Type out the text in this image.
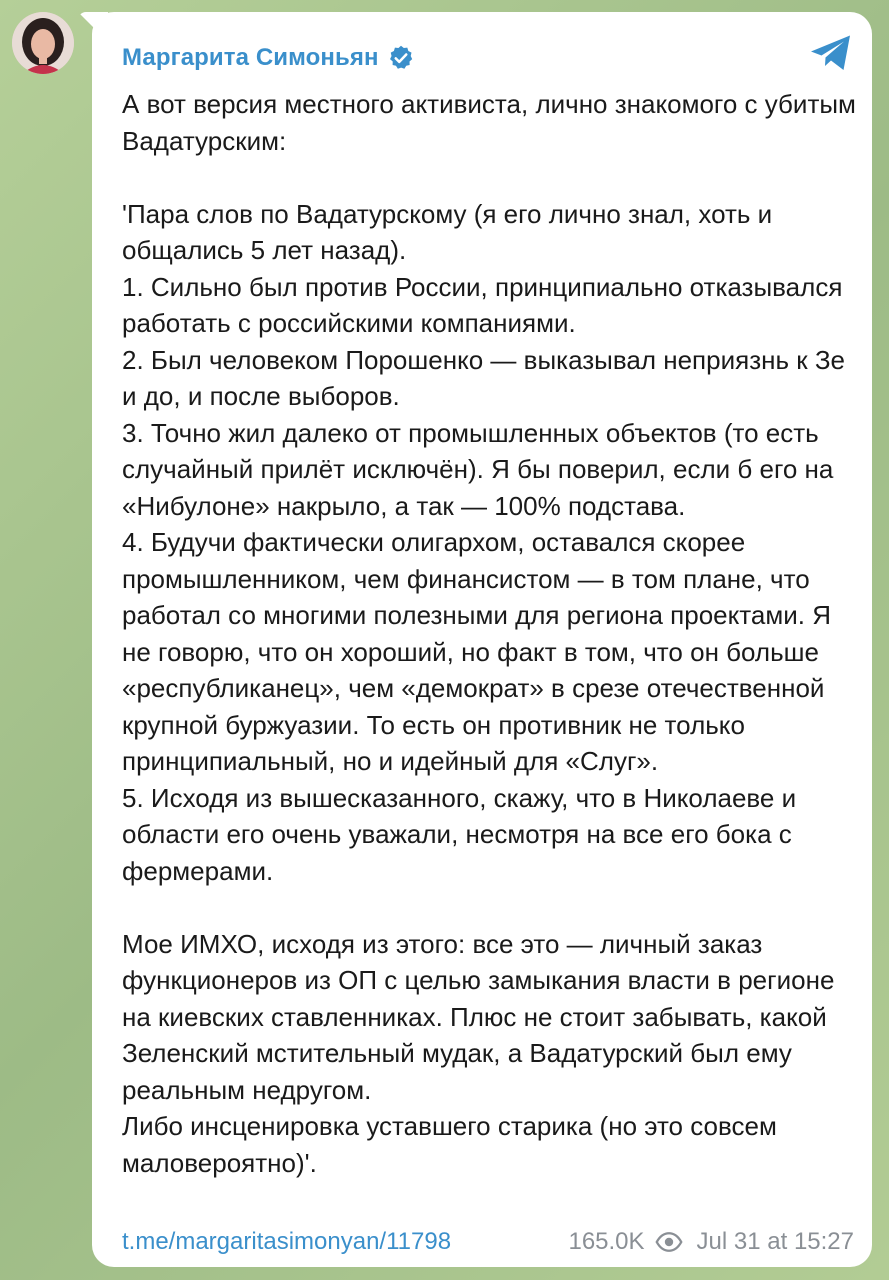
Маргарита Симоньян
А вот версия местного активиста, лично знакомого с убитым Вадатурским:

'Пара слов по Вадатурскому (я его лично знал, хоть и общались 5 лет назад).
1. Сильно был против России, принципиально отказывался работать с российскими компаниями.
2. Был человеком Порошенко — выказывал неприязнь к Зе и до, и после выборов.
3. Точно жил далеко от промышленных объектов (то есть случайный прилёт исключён). Я бы поверил, если б его на «Нибулоне» накрыло, а так — 100% подстава.
4. Будучи фактически олигархом, оставался скорее промышленником, чем финансистом — в том плане, что работал со многими полезными для региона проектами. Я не говорю, что он хороший, но факт в том, что он больше «республиканец», чем «демократ» в срезе отечественной крупной буржуазии. То есть он противник не только принципиальный, но и идейный для «Слуг».
5. Исходя из вышесказанного, скажу, что в Николаеве и области его очень уважали, несмотря на все его бока с фермерами.

Мое ИМХО, исходя из этого: все это — личный заказ функционеров из ОП с целью замыкания власти в регионе на киевских ставленниках. Плюс не стоит забывать, какой Зеленский мстительный мудак, а Вадатурский был ему реальным недругом.
Либо инсценировка уставшего старика (но это совсем маловероятно)'.
t.me/margaritasimonyan/11798	165.0K Jul 31 at 15:27
